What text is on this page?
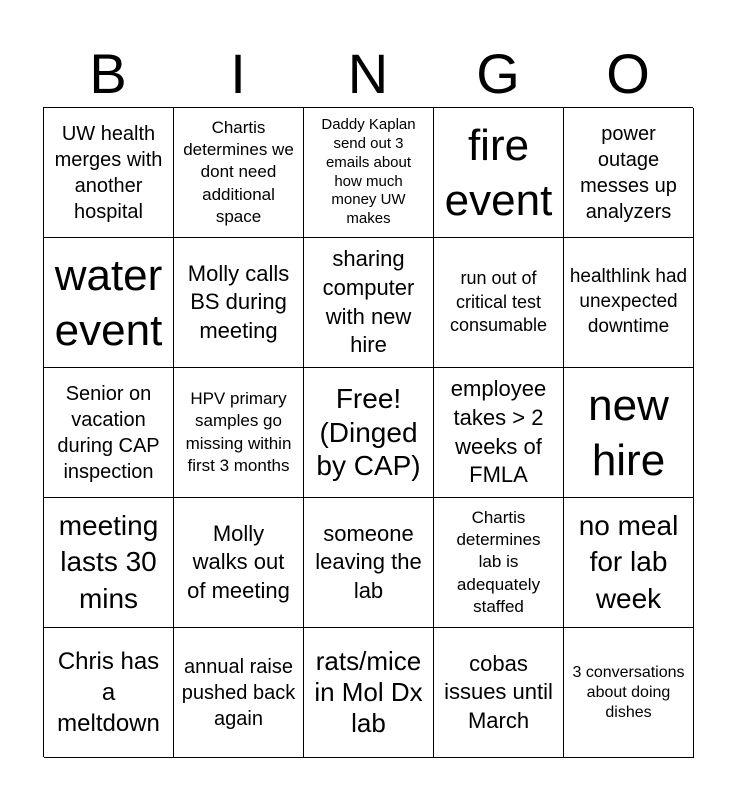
B	I	N	G	O
UW health merges with another hospital
Chartis determines we dont need additional space
Daddy Kaplan send out 3 emails about how much money UW makes
fire event
power outage messes up analyzers
water event
Molly calls BS during meeting
sharing computer with new hire
run out of critical test consumable
healthlink had unexpected downtime
Senior on vacation during CAP inspection
HPV primary samples go missing within first 3 months
Free! (Dinged by CAP)
employee takes > 2 weeks of FMLA
new hire
meeting lasts 30 mins
Molly walks out of meeting
someone leaving the lab
Chartis determines lab is adequately staffed
no meal for lab week
Chris has a meltdown
annual raise pushed back again
rats/mice in Mol Dx lab
cobas issues until March
3 conversations about doing dishes
